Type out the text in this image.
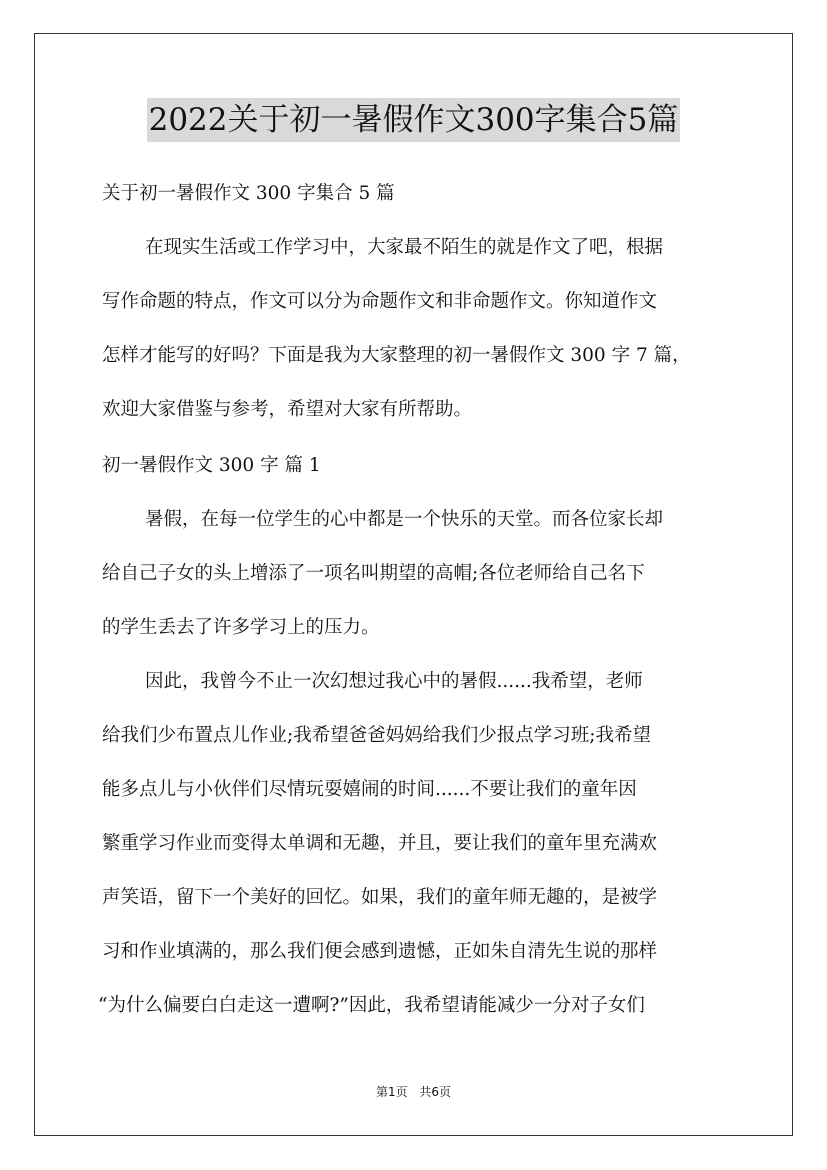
2022关于初一暑假作文300字集合5篇
关于初一暑假作文 300 字集合 5 篇
在现实生活或工作学习中，大家最不陌生的就是作文了吧，根据
写作命题的特点，作文可以分为命题作文和非命题作文。你知道作文
怎样才能写的好吗？下面是我为大家整理的初一暑假作文 300 字 7 篇，
欢迎大家借鉴与参考，希望对大家有所帮助。
初一暑假作文 300 字 篇 1
暑假，在每一位学生的心中都是一个快乐的天堂。而各位家长却
给自己子女的头上增添了一项名叫期望的高帽;各位老师给自己名下
的学生丢去了许多学习上的压力。
因此，我曾今不止一次幻想过我心中的暑假......我希望，老师
给我们少布置点儿作业;我希望爸爸妈妈给我们少报点学习班;我希望
能多点儿与小伙伴们尽情玩耍嬉闹的时间......不要让我们的童年因
繁重学习作业而变得太单调和无趣，并且，要让我们的童年里充满欢
声笑语，留下一个美好的回忆。如果，我们的童年师无趣的，是被学
习和作业填满的，那么我们便会感到遗憾，正如朱自清先生说的那样
“为什么偏要白白走这一遭啊?”因此，我希望请能减少一分对子女们
第1页 共6页
